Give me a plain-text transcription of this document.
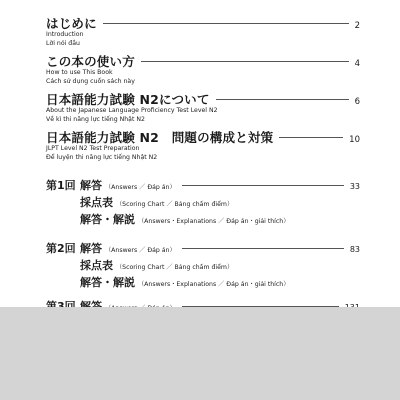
はじめに	2
Introduction
Lời nói đầu
この本の使い方	4
How to use This Book
Cách sử dụng cuốn sách này
日本語能力試験 N2について	6
About the Japanese Language Proficiency Test Level N2
Về kì thi năng lực tiếng Nhật N2
日本語能力試験 N2　問題の構成と対策	10
JLPT Level N2 Test Preparation
Để luyện thi năng lực tiếng Nhật N2
第1回 解答 （Answers ／ Đáp án）	33
採点表 （Scoring Chart ／ Bảng chấm điểm）
解答・解説 （Answers・Explanations ／ Đáp án・giải thích）
第2回 解答 （Answers ／ Đáp án）	83
採点表 （Scoring Chart ／ Bảng chấm điểm）
解答・解説 （Answers・Explanations ／ Đáp án・giải thích）
